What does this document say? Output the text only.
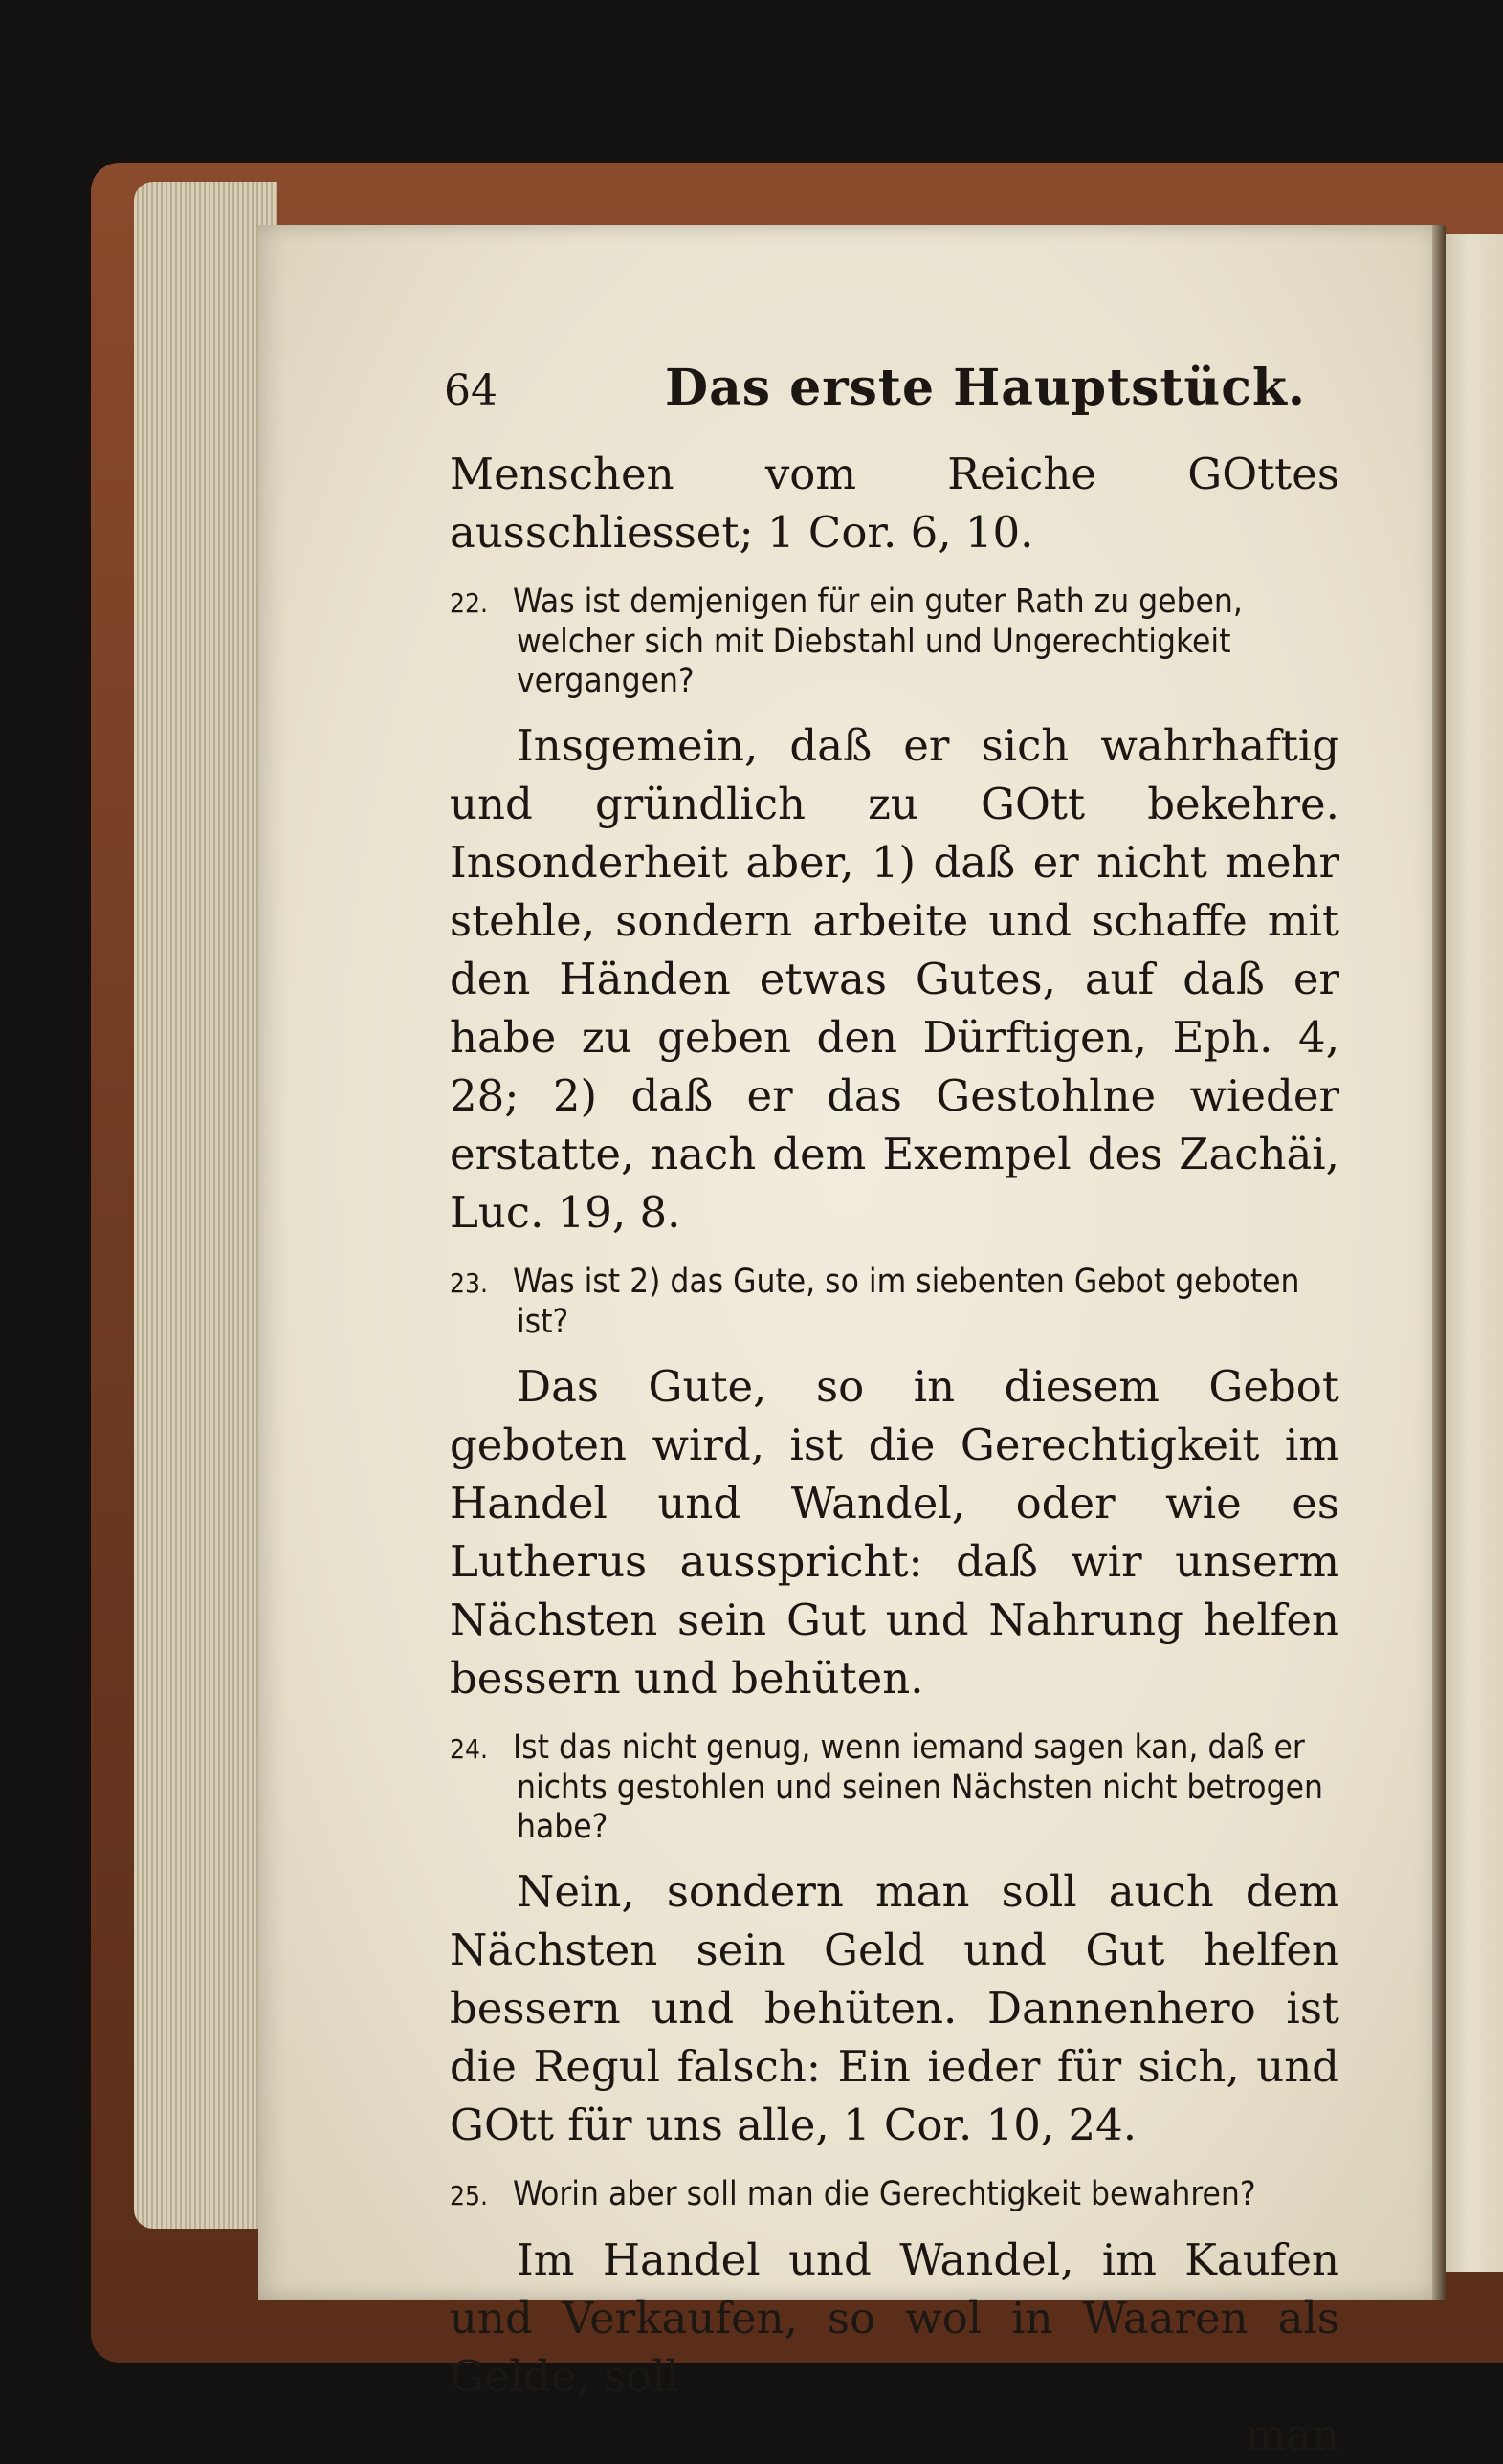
64	Das erste Hauptstück.

Menschen vom Reiche GOttes ausschliesset; 1 Cor. 6, 10.

22. Was ist demjenigen für ein guter Rath zu geben, welcher sich mit Diebstahl und Ungerechtigkeit vergangen?

Insgemein, daß er sich wahrhaftig und gründlich zu GOtt bekehre. Insonderheit aber, 1) daß er nicht mehr stehle, sondern arbeite und schaffe mit den Händen etwas Gutes, auf daß er habe zu geben den Dürftigen, Eph. 4, 28; 2) daß er das Gestohlne wieder erstatte, nach dem Exempel des Zachäi, Luc. 19, 8.

23. Was ist 2) das Gute, so im siebenten Gebot geboten ist?

Das Gute, so in diesem Gebot geboten wird, ist die Gerechtigkeit im Handel und Wandel, oder wie es Lutherus ausspricht: daß wir unserm Nächsten sein Gut und Nahrung helfen bessern und behüten.

24. Ist das nicht genug, wenn iemand sagen kan, daß er nichts gestohlen und seinen Nächsten nicht betrogen habe?

Nein, sondern man soll auch dem Nächsten sein Geld und Gut helfen bessern und behüten. Dannenhero ist die Regul falsch: Ein ieder für sich, und GOtt für uns alle, 1 Cor. 10, 24.

25. Worin aber soll man die Gerechtigkeit bewahren?

Im Handel und Wandel, im Kaufen und Verkaufen, so wol in Waaren als Gelde, soll

man
